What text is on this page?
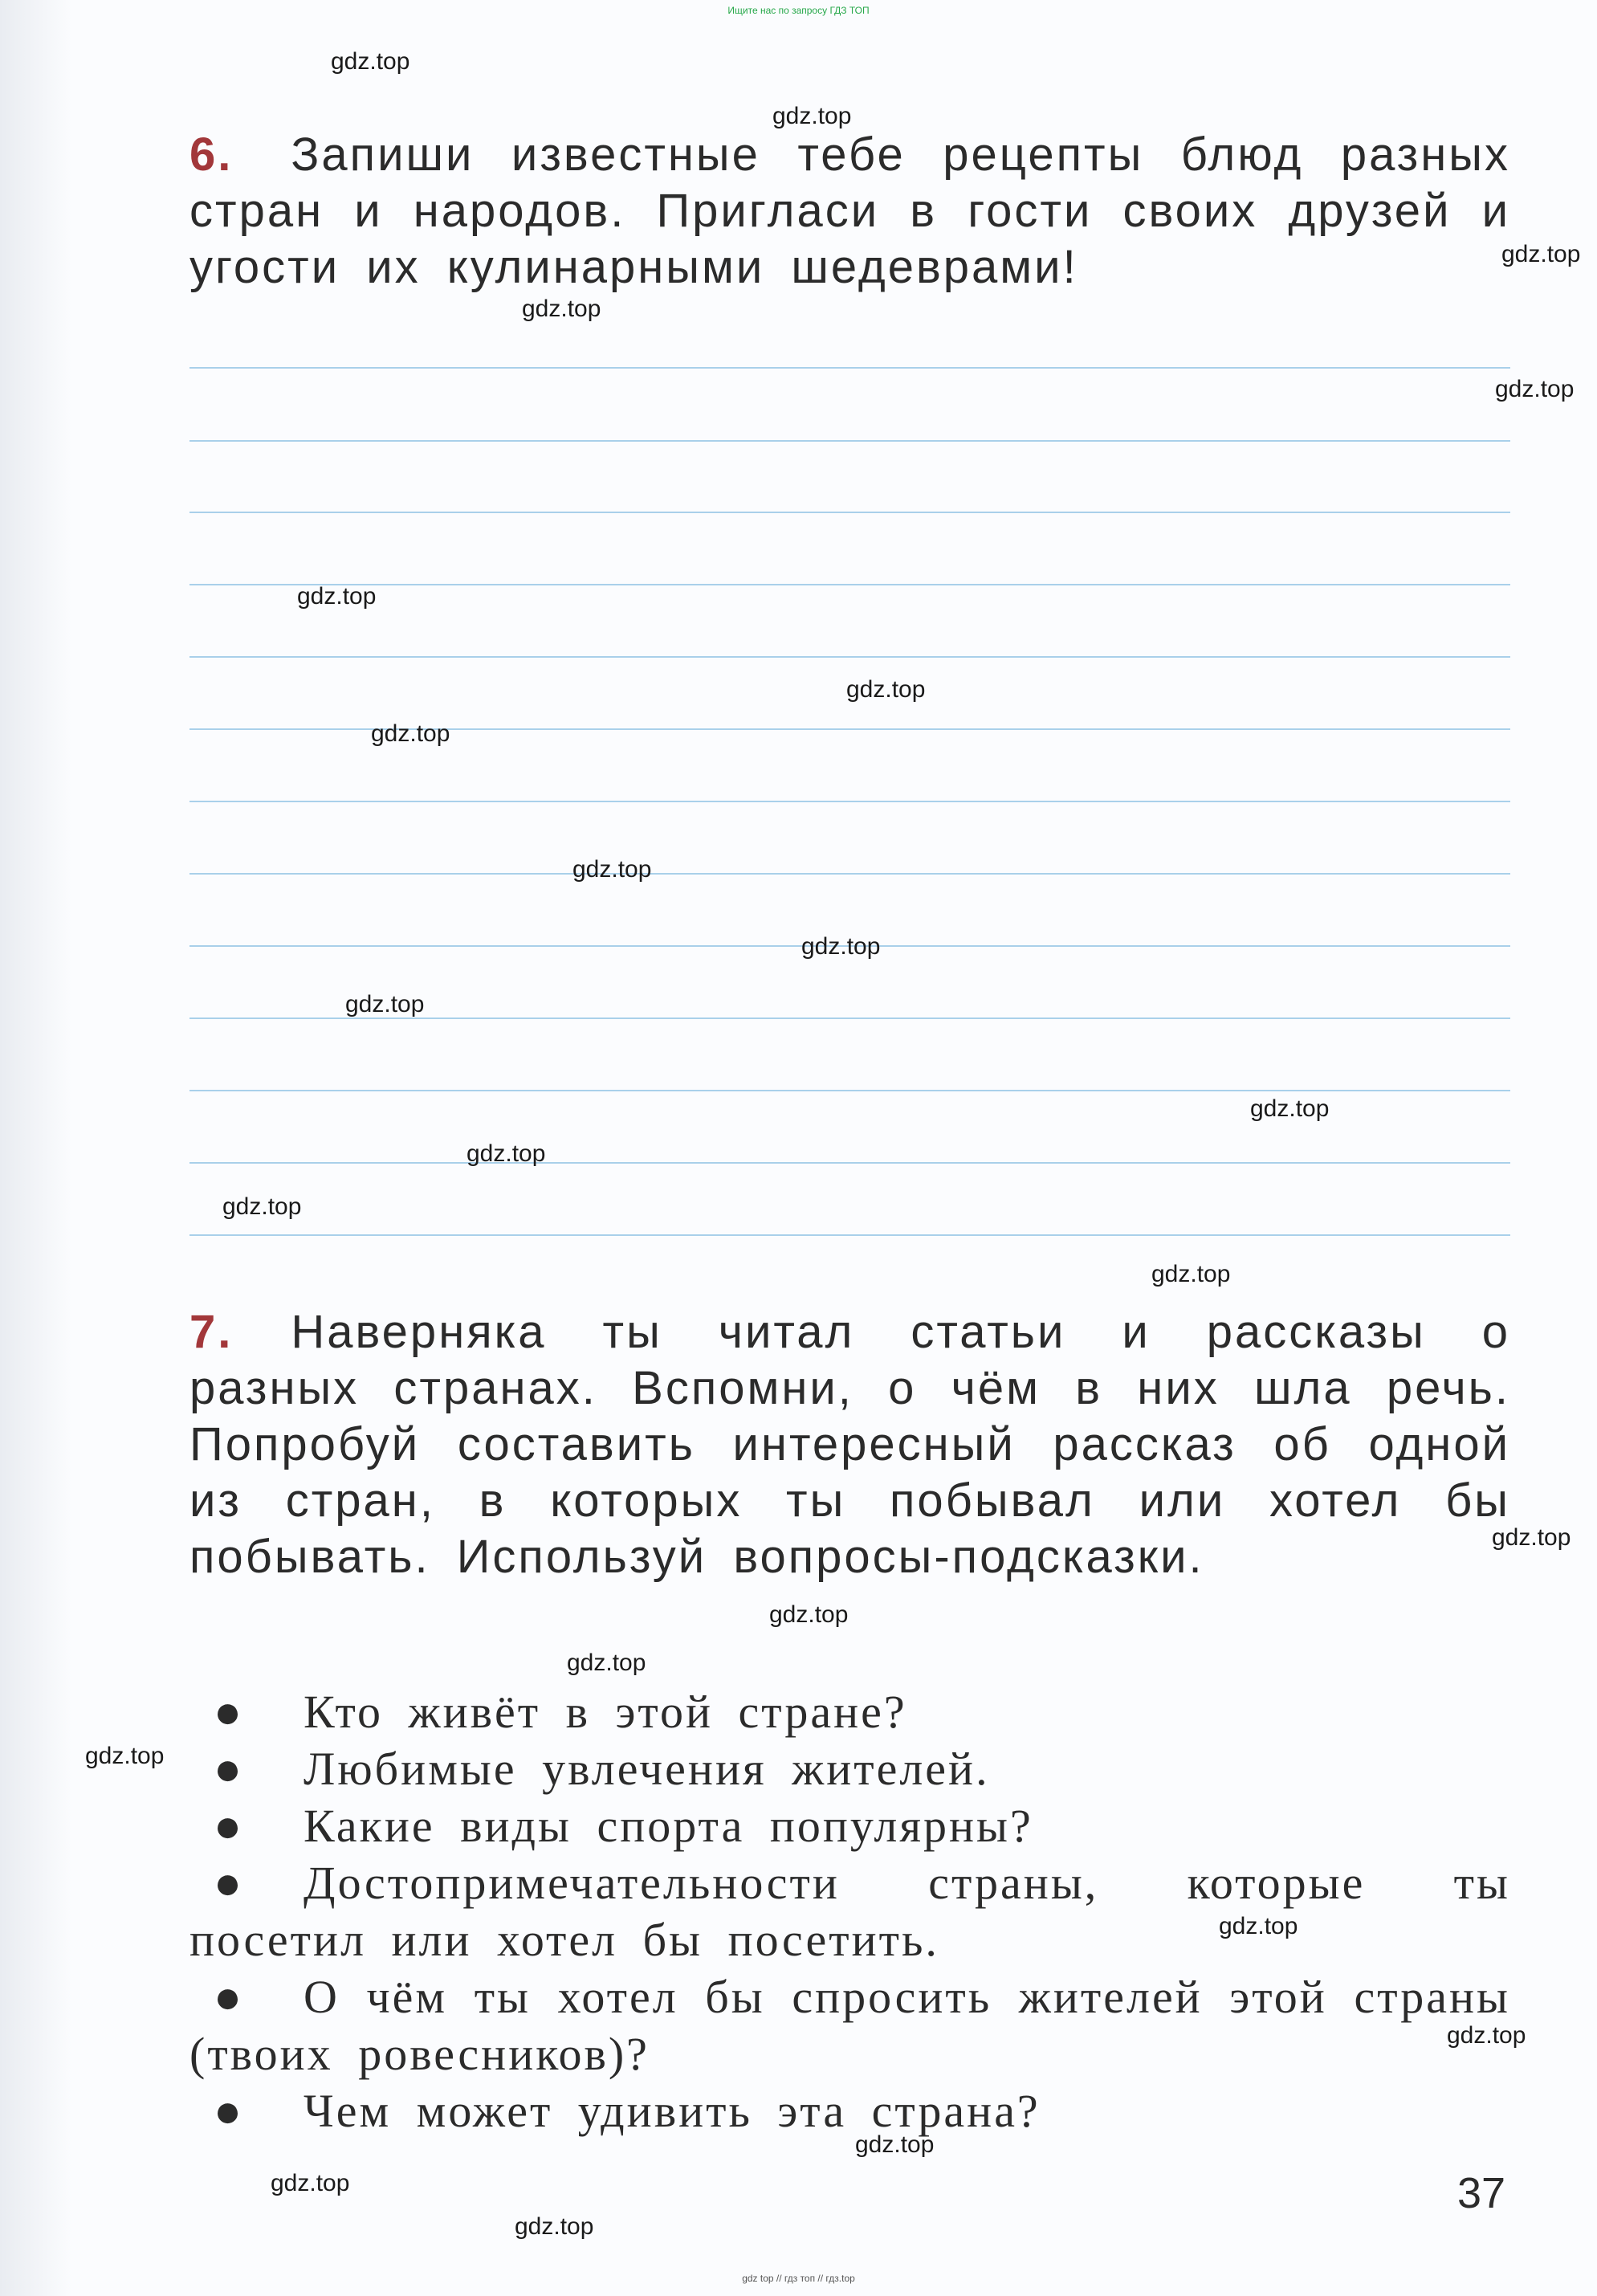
Ищите нас по запросу ГДЗ ТОП

6. Запиши известные тебе рецепты блюд разных стран и народов. Пригласи в гости своих друзей и угости их кулинарными шедеврами!

7. Наверняка ты читал статьи и рассказы о разных странах. Вспомни, о чём в них шла речь. Попробуй составить интересный рассказ об одной из стран, в которых ты побывал или хотел бы побывать. Используй вопросы-подсказки.

● Кто живёт в этой стране?
● Любимые увлечения жителей.
● Какие виды спорта популярны?
● Достопримечательности страны, которые ты посетил или хотел бы посетить.
● О чём ты хотел бы спросить жителей этой страны (твоих ровесников)?
● Чем может удивить эта страна?
37
gdz.top
gdz.top
gdz.top
gdz.top
gdz.top
gdz.top
gdz.top
gdz.top
gdz.top
gdz.top
gdz.top
gdz.top
gdz.top
gdz.top
gdz.top
gdz.top
gdz.top
gdz.top
gdz.top
gdz.top
gdz.top
gdz.top
gdz.top
gdz.top
gdz top // гдз топ // гдз.top
